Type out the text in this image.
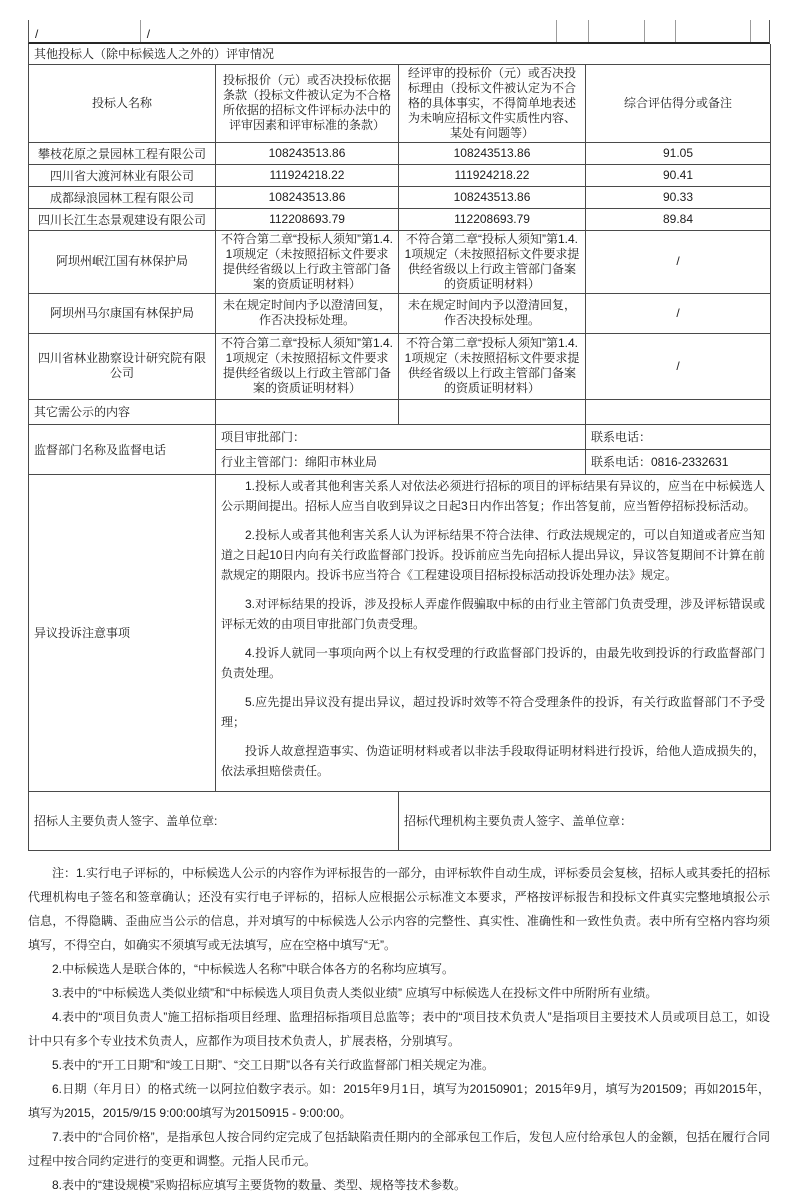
/	/
其他投标人（除中标候选人之外的）评审情况			
投标人名称	投标报价（元）或否决投标依据条款（投标文件被认定为不合格所依据的招标文件评标办法中的评审因素和评审标准的条款）	经评审的投标价（元）或否决投标理由（投标文件被认定为不合格的具体事实，不得简单地表述为未响应招标文件实质性内容、某处有问题等）	综合评估得分或备注
攀枝花原之景园林工程有限公司	108243513.86	108243513.86	91.05
四川省大渡河林业有限公司	111924218.22	111924218.22	90.41
成都绿浪园林工程有限公司	108243513.86	108243513.86	90.33
四川长江生态景观建设有限公司	112208693.79	112208693.79	89.84
阿坝州岷江国有林保护局	不符合第二章“投标人须知”第1.4.1项规定（未按照招标文件要求提供经省级以上行政主管部门备案的资质证明材料）	不符合第二章“投标人须知”第1.4.1项规定（未按照招标文件要求提供经省级以上行政主管部门备案的资质证明材料）	/
阿坝州马尔康国有林保护局	未在规定时间内予以澄清回复，作否决投标处理。	未在规定时间内予以澄清回复，作否决投标处理。	/
四川省林业勘察设计研究院有限公司	不符合第二章“投标人须知”第1.4.1项规定（未按照招标文件要求提供经省级以上行政主管部门备案的资质证明材料）	不符合第二章“投标人须知”第1.4.1项规定（未按照招标文件要求提供经省级以上行政主管部门备案的资质证明材料）	/
其它需公示的内容			
监督部门名称及监督电话	项目审批部门：		联系电话：
	行业主管部门：绵阳市林业局		联系电话：0816-2332631
异议投诉注意事项	

1.投标人或者其他利害关系人对依法必须进行招标的项目的评标结果有异议的，应当在中标候选人公示期间提出。招标人应当自收到异议之日起3日内作出答复；作出答复前，应当暂停招标投标活动。

2.投标人或者其他利害关系人认为评标结果不符合法律、行政法规规定的，可以自知道或者应当知道之日起10日内向有关行政监督部门投诉。投诉前应当先向招标人提出异议，异议答复期间不计算在前款规定的期限内。投诉书应当符合《工程建设项目招标投标活动投诉处理办法》规定。

3.对评标结果的投诉，涉及投标人弄虚作假骗取中标的由行业主管部门负责受理，涉及评标错误或评标无效的由项目审批部门负责受理。

4.投诉人就同一事项向两个以上有权受理的行政监督部门投诉的，由最先收到投诉的行政监督部门负责处理。

5.应先提出异议没有提出异议，超过投诉时效等不符合受理条件的投诉，有关行政监督部门不予受理；

投诉人故意捏造事实、伪造证明材料或者以非法手段取得证明材料进行投诉，给他人造成损失的，依法承担赔偿责任。

招标人主要负责人签字、盖单位章:		招标代理机构主要负责人签字、盖单位章：	

注：1.实行电子评标的，中标候选人公示的内容作为评标报告的一部分，由评标软件自动生成，评标委员会复核，招标人或其委托的招标代理机构电子签名和签章确认；还没有实行电子评标的，招标人应根据公示标准文本要求，严格按评标报告和投标文件真实完整地填报公示信息，不得隐瞒、歪曲应当公示的信息，并对填写的中标候选人公示内容的完整性、真实性、准确性和一致性负责。表中所有空格内容均须填写，不得空白，如确实不须填写或无法填写，应在空格中填写“无”。

2.中标候选人是联合体的，“中标候选人名称”中联合体各方的名称均应填写。

3.表中的“中标候选人类似业绩”和“中标候选人项目负责人类似业绩” 应填写中标候选人在投标文件中所附所有业绩。

4.表中的“项目负责人”施工招标指项目经理、监理招标指项目总监等；表中的“项目技术负责人”是指项目主要技术人员或项目总工，如设计中只有多个专业技术负责人，应都作为项目技术负责人，扩展表格，分别填写。

5.表中的“开工日期”和“竣工日期”、“交工日期”以各有关行政监督部门相关规定为准。

6.日期（年月日）的格式统一以阿拉伯数字表示。如：2015年9月1日，填写为20150901；2015年9月，填写为201509；再如2015年，填写为2015，2015/9/15 9:00:00填写为20150915 - 9:00:00。

7.表中的“合同价格”，是指承包人按合同约定完成了包括缺陷责任期内的全部承包工作后，发包人应付给承包人的金额，包括在履行合同过程中按合同约定进行的变更和调整。元指人民币元。

8.表中的“建设规模”采购招标应填写主要货物的数量、类型、规格等技术参数。
